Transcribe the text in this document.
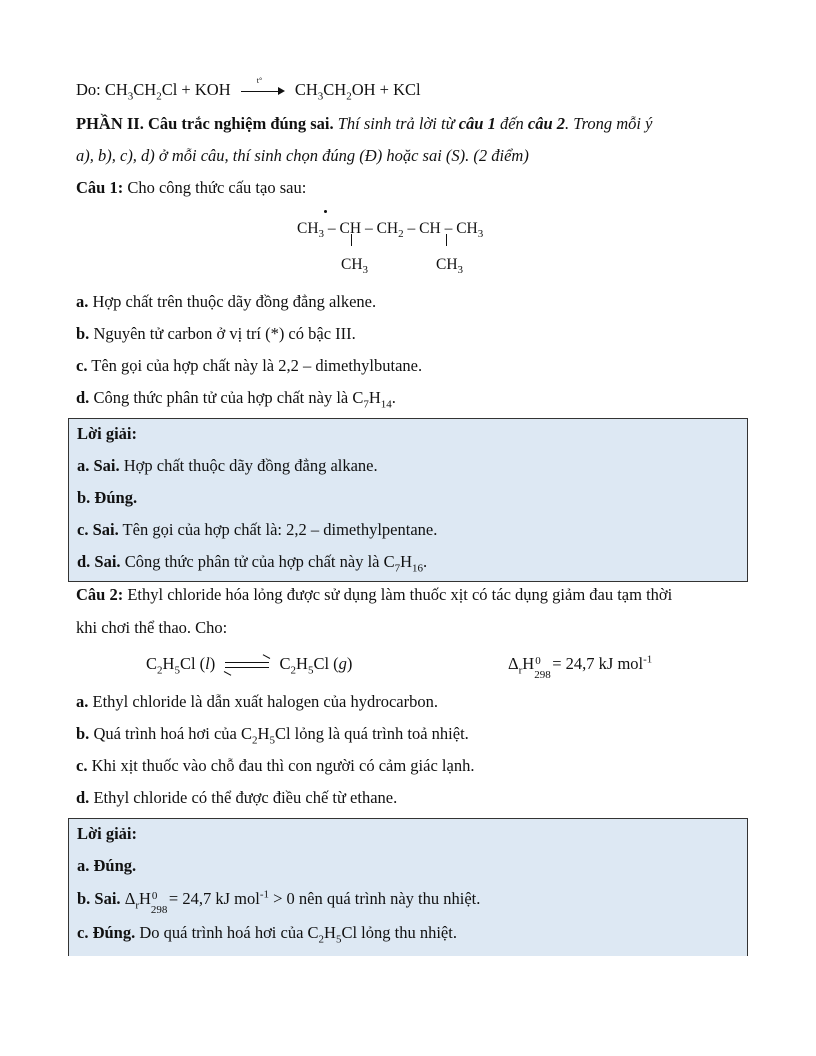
Do: $CH_3CH_2Cl$ + KOH	t° $CH_3CH_2OH$ + KCl
PHẦN II. Câu trắc nghiệm đúng sai. Thí sinh trả lời từ câu 1 đến câu 2. Trong mỗi ý
a), b), c), d) ở mỗi câu, thí sinh chọn đúng (Đ) hoặc sai (S). (2 điểm)
Câu 1: Cho công thức cấu tạo sau:
$CH_3$ – CH – $CH_2$ – CH – $CH_3$
$CH_3$	$CH_3$
a. Hợp chất trên thuộc dãy đồng đẳng alkene.
b. Nguyên tử carbon ở vị trí (*) có bậc III.
c. Tên gọi của hợp chất này là 2,2 – dimethylbutane.
d. Công thức phân tử của hợp chất này là $C_7H_{14}$.
Lời giải:
a. Sai. Hợp chất thuộc dãy đồng đẳng alkane.
b. Đúng.
c. Sai. Tên gọi của hợp chất là: 2,2 – dimethylpentane.
d. Sai. Công thức phân tử của hợp chất này là $C_7H_{16}$.
Câu 2: Ethyl chloride hóa lỏng được sử dụng làm thuốc xịt có tác dụng giảm đau tạm thời
khi chơi thể thao. Cho:
$C_2H_5Cl$ (l) ⇌ $C_2H_5Cl$ (g)	$\Delta_rH$ 0
298
= 24,7 kJ mol$^{-1}$
a. Ethyl chloride là dẫn xuất halogen của hydrocarbon.
b. Quá trình hoá hơi của $C_2H_5Cl$ lỏng là quá trình toả nhiệt.
c. Khi xịt thuốc vào chỗ đau thì con người có cảm giác lạnh.
d. Ethyl chloride có thể được điều chế từ ethane.
Lời giải:
a. Đúng.
b. Sai. $\Delta_rH$ 0
298
= 24,7 kJ mol$^{-1}$ > 0 nên quá trình này thu nhiệt.
c. Đúng. Do quá trình hoá hơi của $C_2H_5Cl$ lỏng thu nhiệt.
